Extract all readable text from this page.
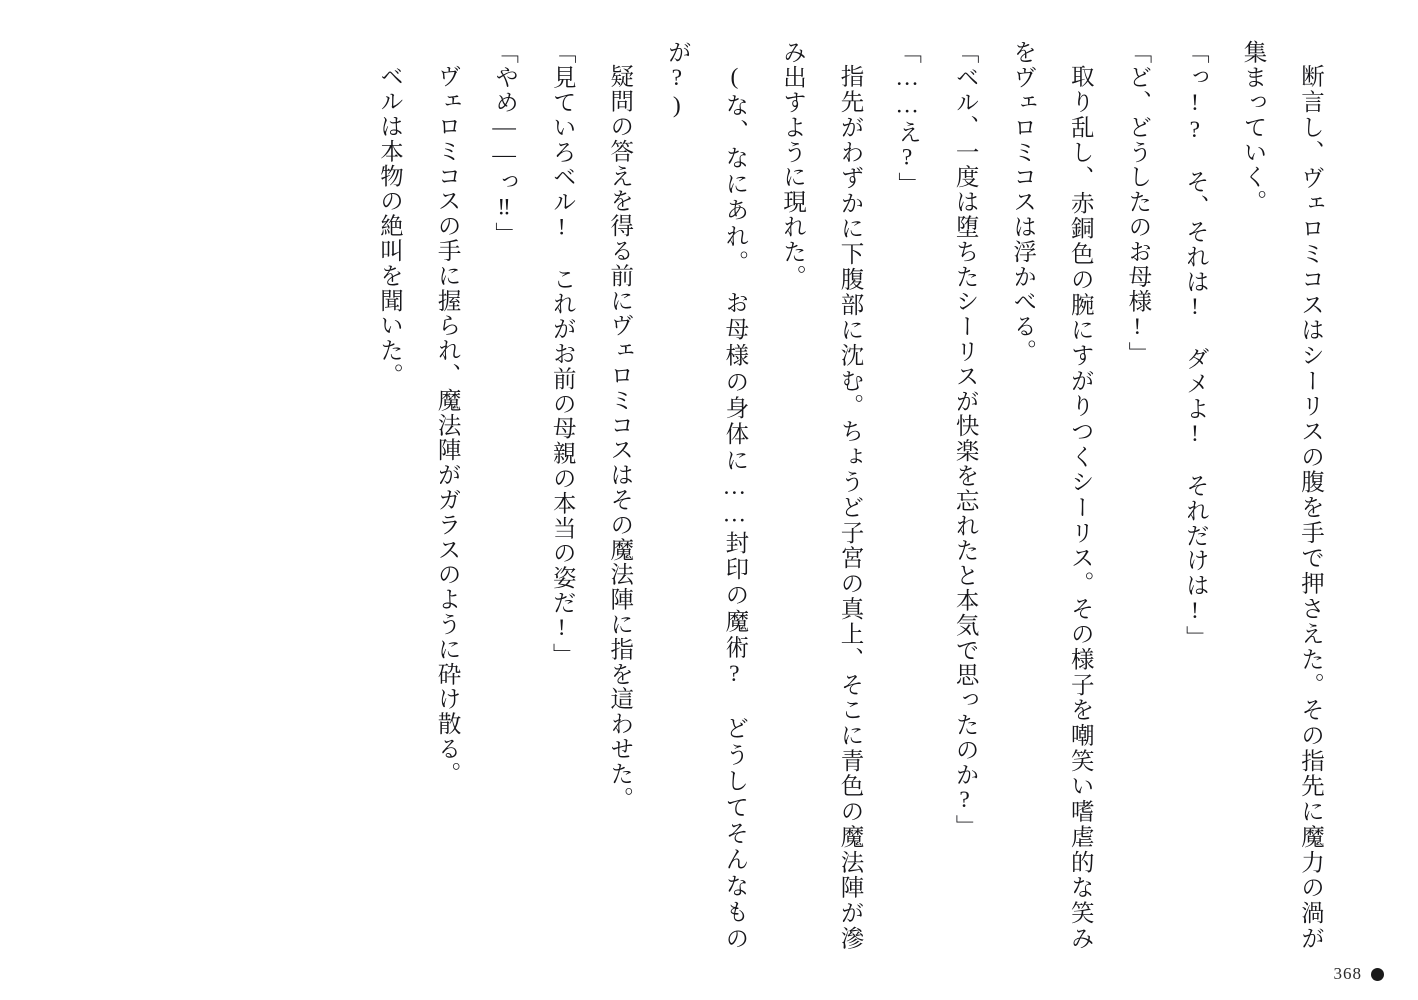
断言し、ヴェロミコスはシーリスの腹を手で押さえた。その指先に魔力の渦が集まっていく。

「っ!?　そ、それは!　ダメよ!　それだけは!」

「ど、どうしたのお母様!」

取り乱し、赤銅色の腕にすがりつくシーリス。その様子を嘲笑い嗜虐的な笑みをヴェロミコスは浮かべる。

「ベル、一度は堕ちたシーリスが快楽を忘れたと本気で思ったのか?」

「……え?」

指先がわずかに下腹部に沈む。ちょうど子宮の真上、そこに青色の魔法陣が滲み出すように現れた。

(な、なにあれ。　お母様の身体に……封印の魔術?　どうしてそんなものが?)

疑問の答えを得る前にヴェロミコスはその魔法陣に指を這わせた。

「見ていろベル!　これがお前の母親の本当の姿だ!」

「やめ——っ‼」

ヴェロミコスの手に握られ、魔法陣がガラスのように砕け散る。

ベルは本物の絶叫を聞いた。

368
